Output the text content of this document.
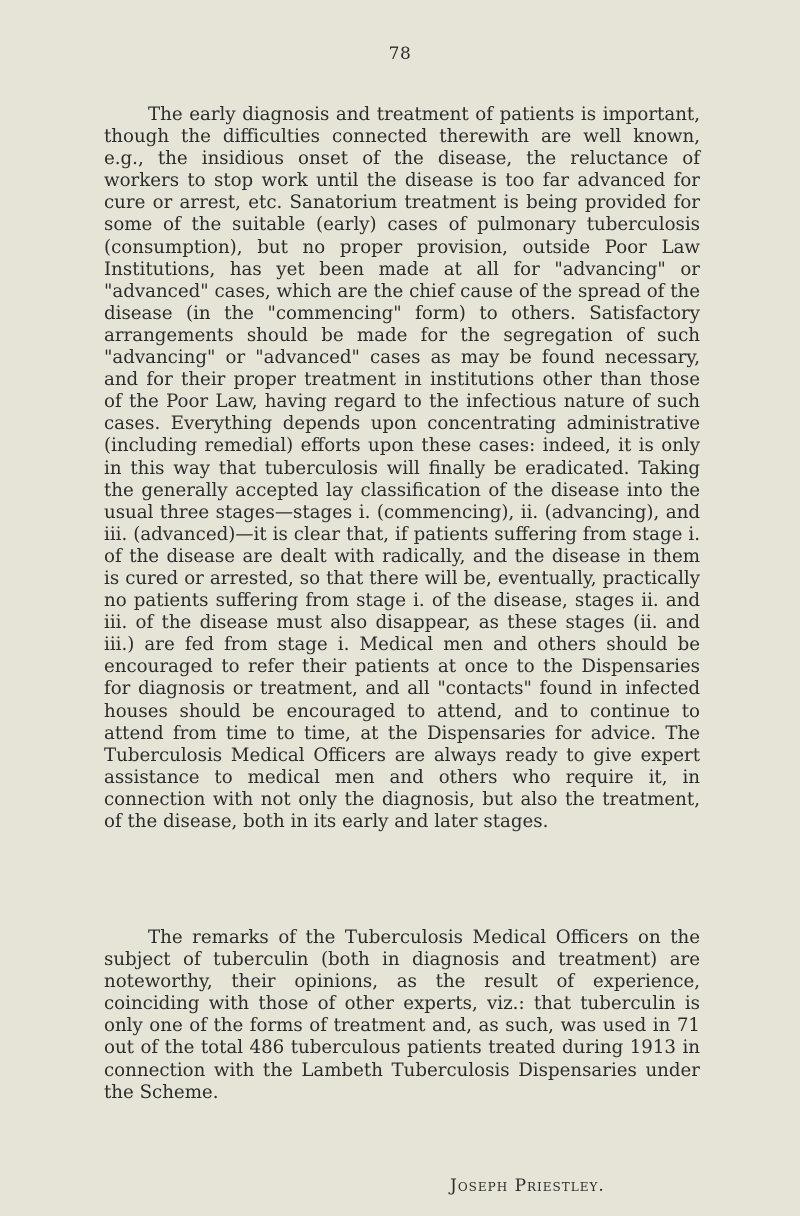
78

The early diagnosis and treatment of patients is important, though the difficulties connected therewith are well known, e.g., the insidious onset of the disease, the reluctance of workers to stop work until the disease is too far advanced for cure or arrest, etc. Sanatorium treatment is being provided for some of the suitable (early) cases of pulmonary tuberculosis (consumption), but no proper provision, outside Poor Law Institutions, has yet been made at all for "advancing" or "advanced" cases, which are the chief cause of the spread of the disease (in the "commencing" form) to others. Satisfactory arrangements should be made for the segregation of such "advancing" or "advanced" cases as may be found necessary, and for their proper treatment in institutions other than those of the Poor Law, having regard to the infectious nature of such cases. Everything depends upon concentrating administrative (including remedial) efforts upon these cases: indeed, it is only in this way that tuberculosis will finally be eradicated. Taking the generally accepted lay classification of the disease into the usual three stages—stages i. (commencing), ii. (advancing), and iii. (advanced)—it is clear that, if patients suffering from stage i. of the disease are dealt with radically, and the disease in them is cured or arrested, so that there will be, eventually, practically no patients suffering from stage i. of the disease, stages ii. and iii. of the disease must also disappear, as these stages (ii. and iii.) are fed from stage i. Medical men and others should be encouraged to refer their patients at once to the Dispensaries for diagnosis or treatment, and all "contacts" found in infected houses should be encouraged to attend, and to continue to attend from time to time, at the Dispensaries for advice. The Tuberculosis Medical Officers are always ready to give expert assistance to medical men and others who require it, in connection with not only the diagnosis, but also the treatment, of the disease, both in its early and later stages.

The remarks of the Tuberculosis Medical Officers on the subject of tuberculin (both in diagnosis and treatment) are noteworthy, their opinions, as the result of experience, coinciding with those of other experts, viz.: that tuberculin is only one of the forms of treatment and, as such, was used in 71 out of the total 486 tuberculous patients treated during 1913 in connection with the Lambeth Tuberculosis Dispensaries under the Scheme.

Joseph Priestley.
